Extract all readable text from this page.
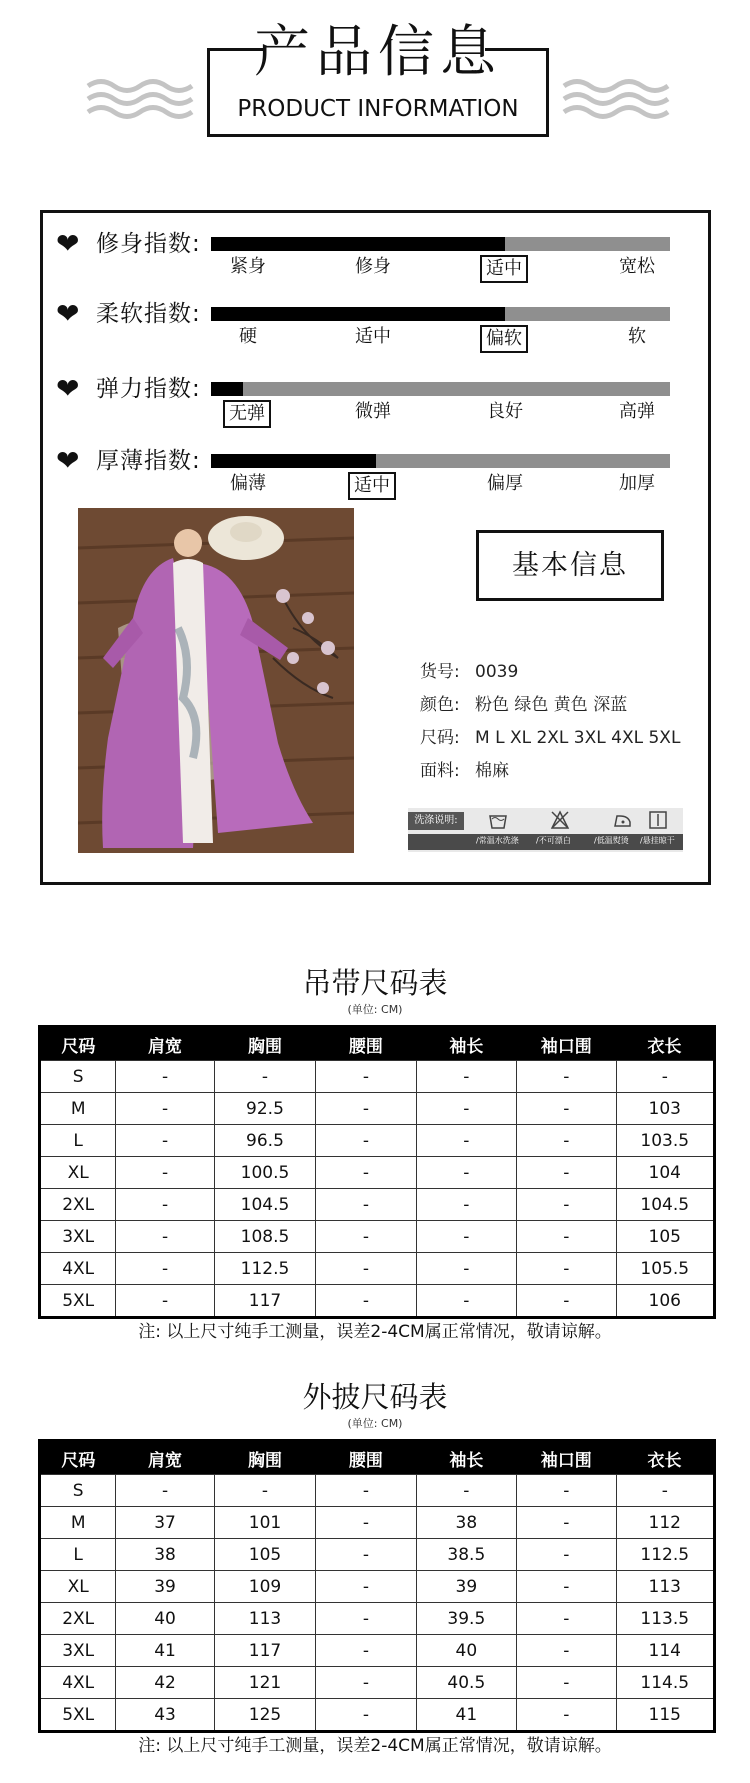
产品信息
PRODUCT INFORMATION
❤ 修身指数:
紧身	修身	适中	宽松
❤ 柔软指数:
硬	适中	偏软	软
❤ 弹力指数:
无弹	微弹	良好	高弹
❤ 厚薄指数:
偏薄	适中	偏厚	加厚
基本信息
货号: 0039
颜色: 粉色 绿色 黄色 深蓝
尺码: M L XL 2XL 3XL 4XL 5XL
面料: 棉麻
洗涤说明:
/常温水洗涤 /不可漂白	/低温熨烫 /悬挂晾干
吊带尺码表
(单位: CM)
尺码	肩宽	胸围	腰围	袖长	袖口围	衣长
S	-	-	-	-	-	-
M	-	92.5	-	-	-	103
L	-	96.5	-	-	-	103.5
XL	-	100.5	-	-	-	104
2XL	-	104.5	-	-	-	104.5
3XL	-	108.5	-	-	-	105
4XL	-	112.5	-	-	-	105.5
5XL	-	117	-	-	-	106
注: 以上尺寸纯手工测量，误差2-4CM属正常情况，敬请谅解。
外披尺码表
(单位: CM)
尺码	肩宽	胸围	腰围	袖长	袖口围	衣长
S	-	-	-	-	-	-
M	37	101	-	38	-	112
L	38	105	-	38.5	-	112.5
XL	39	109	-	39	-	113
2XL	40	113	-	39.5	-	113.5
3XL	41	117	-	40	-	114
4XL	42	121	-	40.5	-	114.5
5XL	43	125	-	41	-	115
注: 以上尺寸纯手工测量，误差2-4CM属正常情况，敬请谅解。
